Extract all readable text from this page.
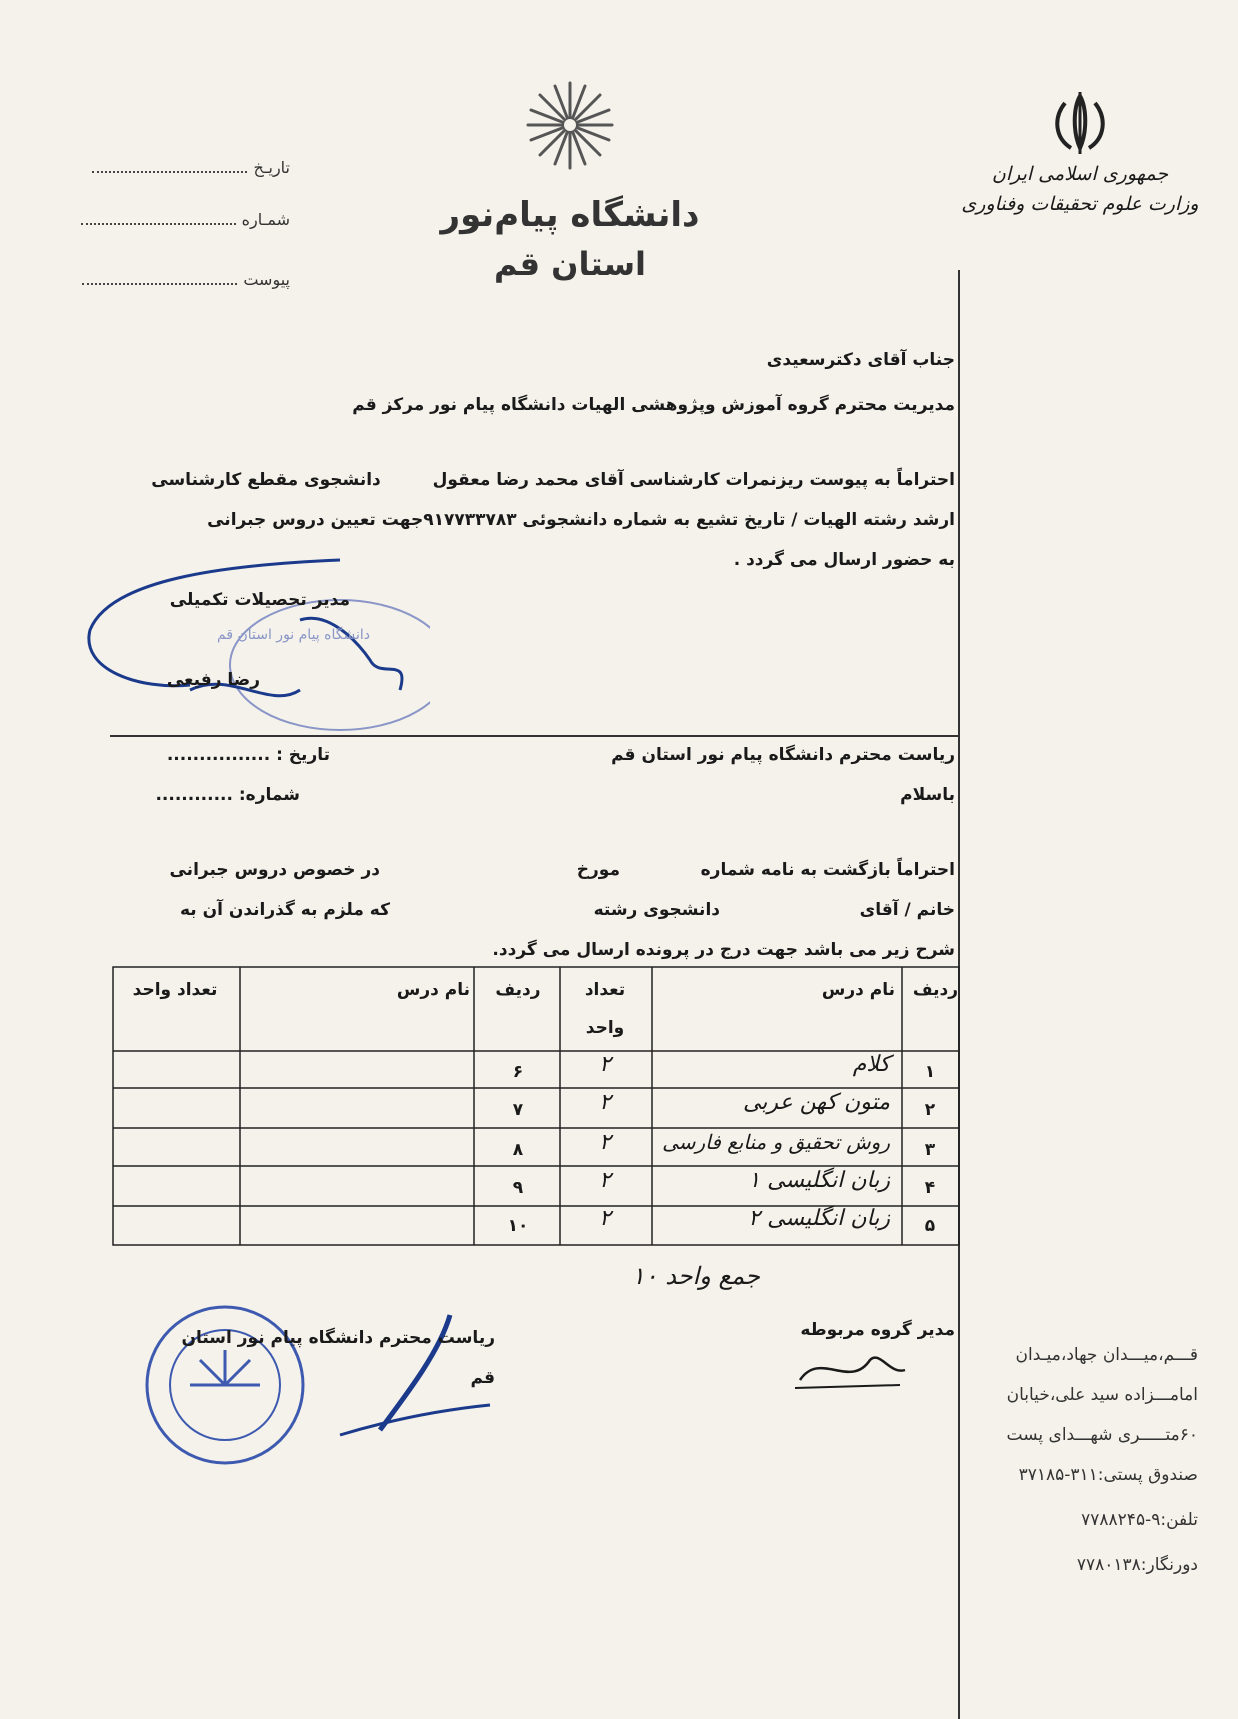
جمهوری اسلامی ایران
وزارت علوم تحقیقات وفناوری
دانشگاه پیام‌نور
استان قم
تاریـخ
شمـاره
پیوست
جناب آقای دکترسعیدی
مدیریت محترم گروه آموزش وپژوهشی الهیات دانشگاه پیام نور مرکز قم
احتراماً به پیوست ریزنمرات کارشناسی آقای محمد رضا معقول  دانشجوی مقطع کارشناسی
ارشد رشته الهیات / تاریخ تشیع به شماره دانشجوئی ۹۱۷۷۳۳۷۸۳جهت تعیین دروس جبرانی
به حضور ارسال می گردد .
مدیر تحصیلات تکمیلی
دانشگاه پیام نور استان قم
رضا رفیعی
ریاست محترم دانشگاه پیام نور استان قم
تاریخ : ................
باسلام
شماره: ............
احتراماً بازگشت به نامه شماره
مورخ
در خصوص دروس جبرانی
خانم / آقای
دانشجوی رشته
که ملزم به گذراندن آن به
شرح زیر می باشد جهت درج در پرونده ارسال می گردد.
ردیف
نام درس
تعداد
واحد
ردیف
نام درس
تعداد واحد
۱
کلام
۲
۶
۲
متون کهن عربی
۲
۷
۳
روش تحقیق و منابع فارسی
۲
۸
۴
زبان انگلیسی ۱
۲
۹
۵
زبان انگلیسی ۲
۲
۱۰
جمع واحد ۱۰
مدیر گروه مربوطه
ریاست محترم دانشگاه پیام نور استان قم
قـــم،میـــدان جهاد،میـدان
امامـــزاده سید علی،خیابان
۶۰متـــــری شهـــدای پست
صندوق پستی:۳۱۱-۳۷۱۸۵
تلفن:۹-۷۷۸۸۲۴۵
دورنگار:۷۷۸۰۱۳۸
